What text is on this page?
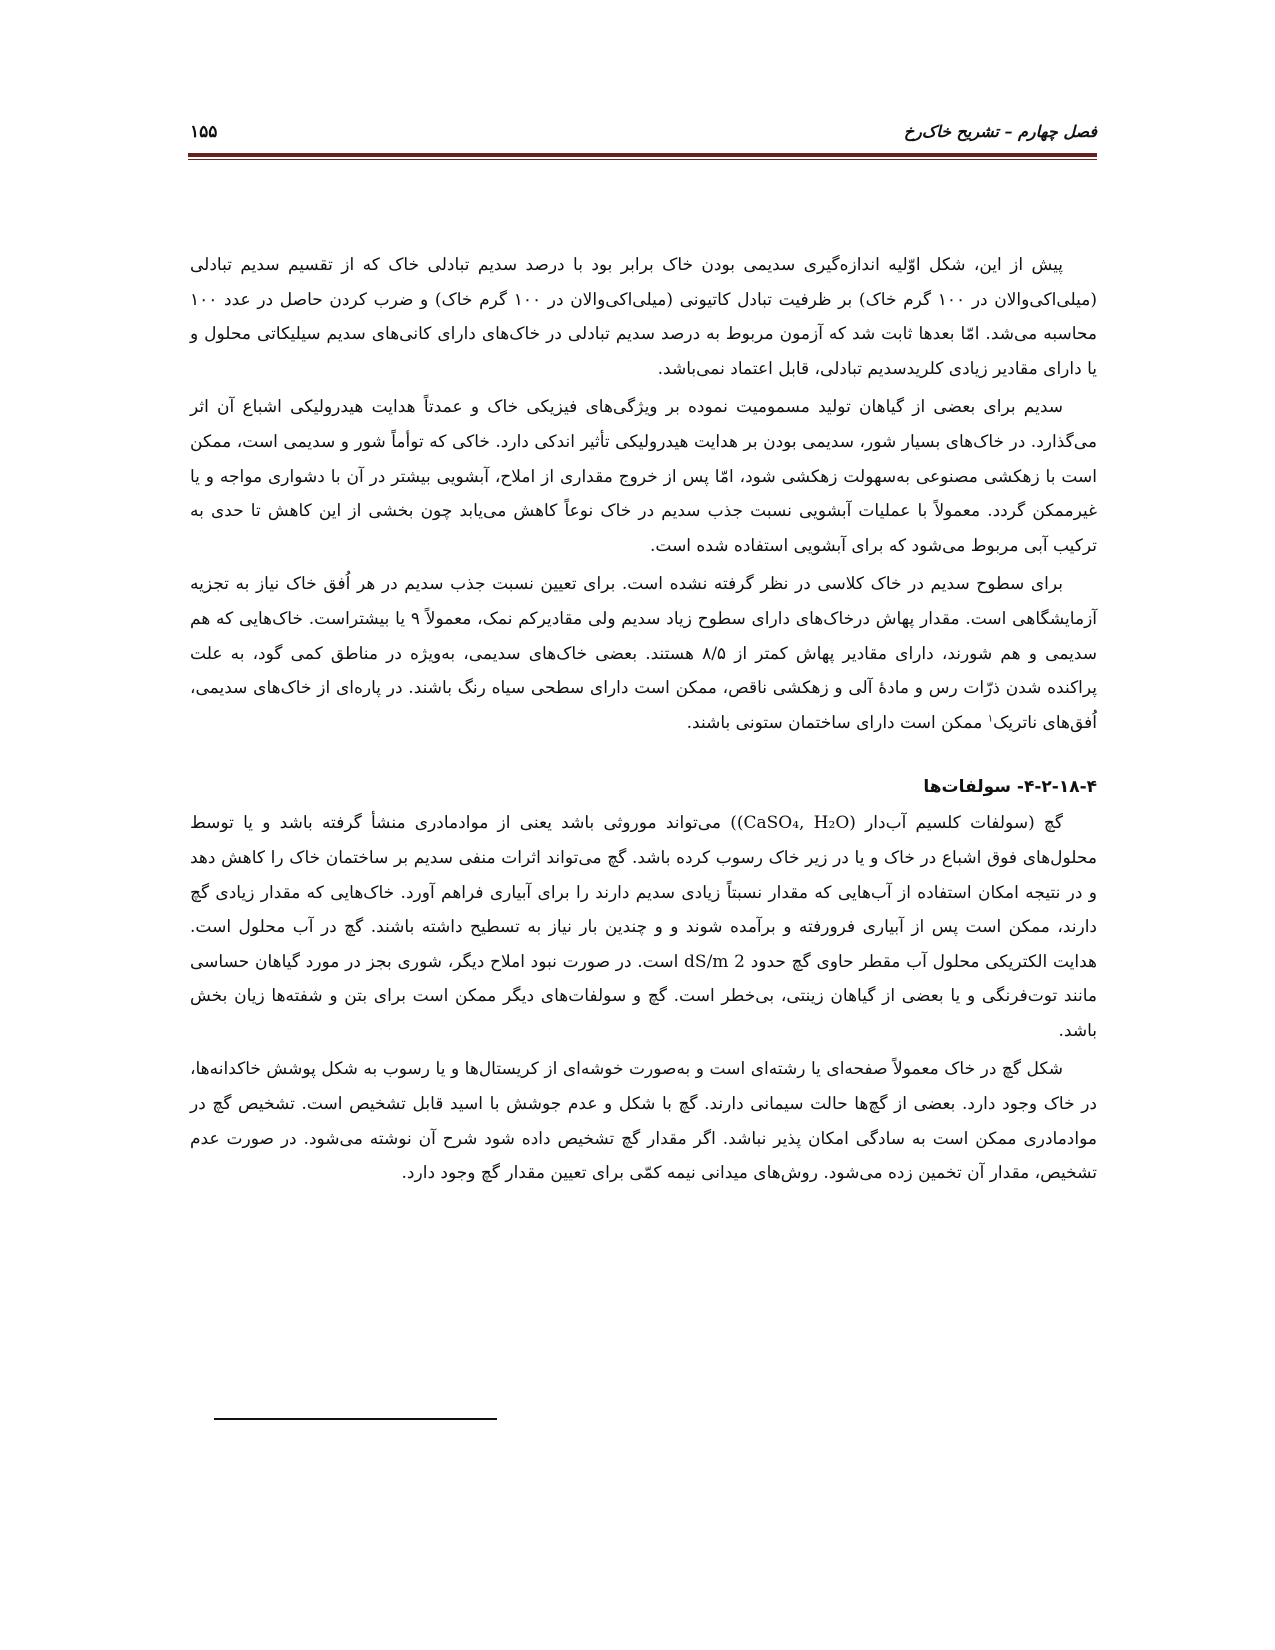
۱۵۵	فصل چهارم – تشریح خاک‌رخ

پیش از این، شکل اوّلیه اندازه‌گیری سدیمی بودن خاک برابر بود با درصد سدیم تبادلی خاک که از تقسیم سدیم تبادلی (میلی‌اکی‌والان در ۱۰۰ گرم خاک) بر ظرفیت تبادل کاتیونی (میلی‌اکی‌والان در ۱۰۰ گرم خاک) و ضرب کردن حاصل در عدد ۱۰۰ محاسبه می‌شد. امّا بعدها ثابت شد که آزمون مربوط به درصد سدیم تبادلی در خاک‌های دارای کانی‌های سدیم سیلیکاتی محلول و یا دارای مقادیر زیادی کلریدسدیم تبادلی، قابل اعتماد نمی‌باشد.

سدیم برای بعضی از گیاهان تولید مسمومیت نموده بر ویژگی‌های فیزیکی خاک و عمدتاً هدایت هیدرولیکی اشباع آن اثر می‌گذارد. در خاک‌های بسیار شور، سدیمی بودن بر هدایت هیدرولیکی تأثیر اندکی دارد. خاکی که توأماً شور و سدیمی است، ممکن است با زهکشی مصنوعی به‌سهولت زهکشی شود، امّا پس از خروج مقداری از املاح، آبشویی بیشتر در آن با دشواری مواجه و یا غیرممکن گردد. معمولاً با عملیات آبشویی نسبت جذب سدیم در خاک نوعاً کاهش می‌یابد چون بخشی از این کاهش تا حدی به ترکیب آبی مربوط می‌شود که برای آبشویی استفاده شده است.

برای سطوح سدیم در خاک کلاسی در نظر گرفته نشده است. برای تعیین نسبت جذب سدیم در هر اُفق خاک نیاز به تجزیه آزمایشگاهی است. مقدار پهاش درخاک‌های دارای سطوح زیاد سدیم ولی مقادیرکم نمک، معمولاً ۹ یا بیشتراست. خاک‌هایی که هم سدیمی و هم شورند، دارای مقادیر پهاش کمتر از ۸/۵ هستند. بعضی خاک‌های سدیمی، به‌ویژه در مناطق کمی گود، به علت پراکنده شدن ذرّات رس و مادۀ آلی و زهکشی ناقص، ممکن است دارای سطحی سیاه رنگ باشند. در پاره‌ای از خاک‌های سدیمی، اُفق‌های ناتریک$^۱$ ممکن است دارای ساختمان ستونی باشند.

۴-۲-۱۸-۴- سولفات‌ها

گچ (سولفات کلسیم آب‌دار (CaSO₄, H₂O)) می‌تواند موروثی باشد یعنی از موادمادری منشأ گرفته باشد و یا توسط محلول‌های فوق اشباع در خاک و یا در زیر خاک رسوب کرده باشد. گچ می‌تواند اثرات منفی سدیم بر ساختمان خاک را کاهش دهد و در نتیجه امکان استفاده از آب‌هایی که مقدار نسبتاً زیادی سدیم دارند را برای آبیاری فراهم آورد. خاک‌هایی که مقدار زیادی گچ دارند، ممکن است پس از آبیاری فرورفته و برآمده شوند و و چندین بار نیاز به تسطیح داشته باشند. گچ در آب محلول است. هدایت الکتریکی محلول آب مقطر حاوی گچ حدود 2 dS/m است. در صورت نبود املاح دیگر، شوری بجز در مورد گیاهان حساسی مانند توت‌فرنگی و یا بعضی از گیاهان زینتی، بی‌خطر است. گچ و سولفات‌های دیگر ممکن است برای بتن و شفته‌ها زیان بخش باشد.

شکل گچ در خاک معمولاً صفحه‌ای یا رشته‌ای است و به‌صورت خوشه‌ای از کریستال‌ها و یا رسوب به شکل پوشش خاکدانه‌ها، در خاک وجود دارد. بعضی از گچ‌ها حالت سیمانی دارند. گچ با شکل و عدم جوشش با اسید قابل تشخیص است. تشخیص گچ در موادمادری ممکن است به سادگی امکان پذیر نباشد. اگر مقدار گچ تشخیص داده شود شرح آن نوشته می‌شود. در صورت عدم تشخیص، مقدار آن تخمین زده می‌شود. روش‌های میدانی نیمه کمّی برای تعیین مقدار گچ وجود دارد.
